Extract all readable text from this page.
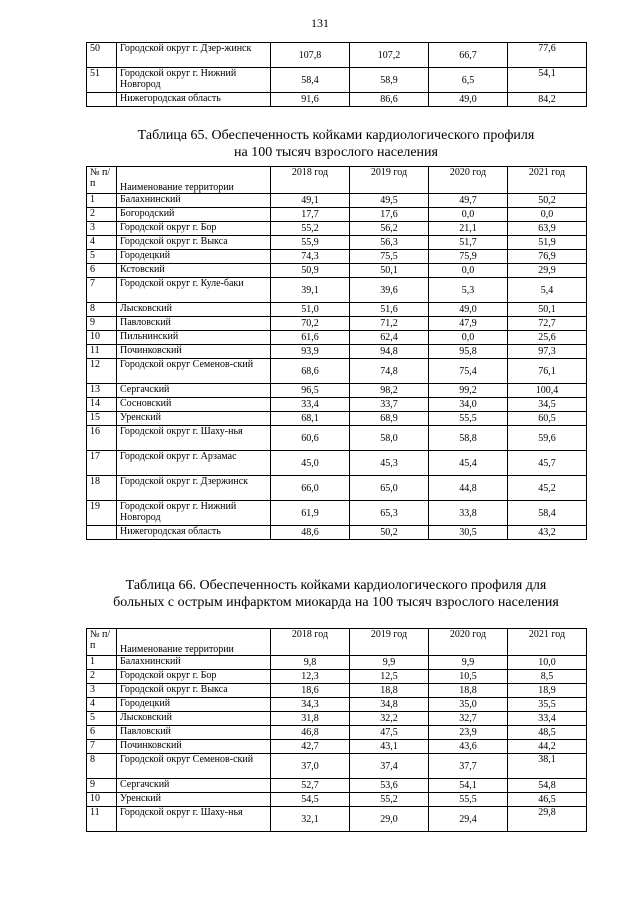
131
50	Городской округ г. Дзер-жинск	107,8	107,2	66,7	77,6
51	Городской округ г. Нижний Новгород	58,4	58,9	6,5	54,1
	Нижегородская область	91,6	86,6	49,0	84,2
Таблица 65. Обеспеченность койками кардиологического профиля
на 100 тысяч взрослого населения
№ п/п	Наименование территории	2018 год	2019 год	2020 год	2021 год
1	Балахнинский	49,1	49,5	49,7	50,2
2	Богородский	17,7	17,6	0,0	0,0
3	Городской округ г. Бор	55,2	56,2	21,1	63,9
4	Городской округ г. Выкса	55,9	56,3	51,7	51,9
5	Городецкий	74,3	75,5	75,9	76,9
6	Кстовский	50,9	50,1	0,0	29,9
7	Городской округ г. Куле-баки	39,1	39,6	5,3	5,4
8	Лысковский	51,0	51,6	49,0	50,1
9	Павловский	70,2	71,2	47,9	72,7
10	Пильнинский	61,6	62,4	0,0	25,6
11	Починковский	93,9	94,8	95,8	97,3
12	Городской округ Семенов-ский	68,6	74,8	75,4	76,1
13	Сергачский	96,5	98,2	99,2	100,4
14	Сосновский	33,4	33,7	34,0	34,5
15	Уренский	68,1	68,9	55,5	60,5
16	Городской округ г. Шаху-нья	60,6	58,0	58,8	59,6
17	Городской округ г. Арзамас	45,0	45,3	45,4	45,7
18	Городской округ г. Дзержинск	66,0	65,0	44,8	45,2
19	Городской округ г. Нижний Новгород	61,9	65,3	33,8	58,4
	Нижегородская область	48,6	50,2	30,5	43,2
Таблица 66. Обеспеченность койками кардиологического профиля для
больных с острым инфарктом миокарда на 100 тысяч взрослого населения
№ п/п	Наименование территории	2018 год	2019 год	2020 год	2021 год
1	Балахнинский	9,8	9,9	9,9	10,0
2	Городской округ г. Бор	12,3	12,5	10,5	8,5
3	Городской округ г. Выкса	18,6	18,8	18,8	18,9
4	Городецкий	34,3	34,8	35,0	35,5
5	Лысковский	31,8	32,2	32,7	33,4
6	Павловский	46,8	47,5	23,9	48,5
7	Починковский	42,7	43,1	43,6	44,2
8	Городской округ Семенов-ский	37,0	37,4	37,7	38,1
9	Сергачский	52,7	53,6	54,1	54,8
10	Уренский	54,5	55,2	55,5	46,5
11	Городской округ г. Шаху-нья	32,1	29,0	29,4	29,8
